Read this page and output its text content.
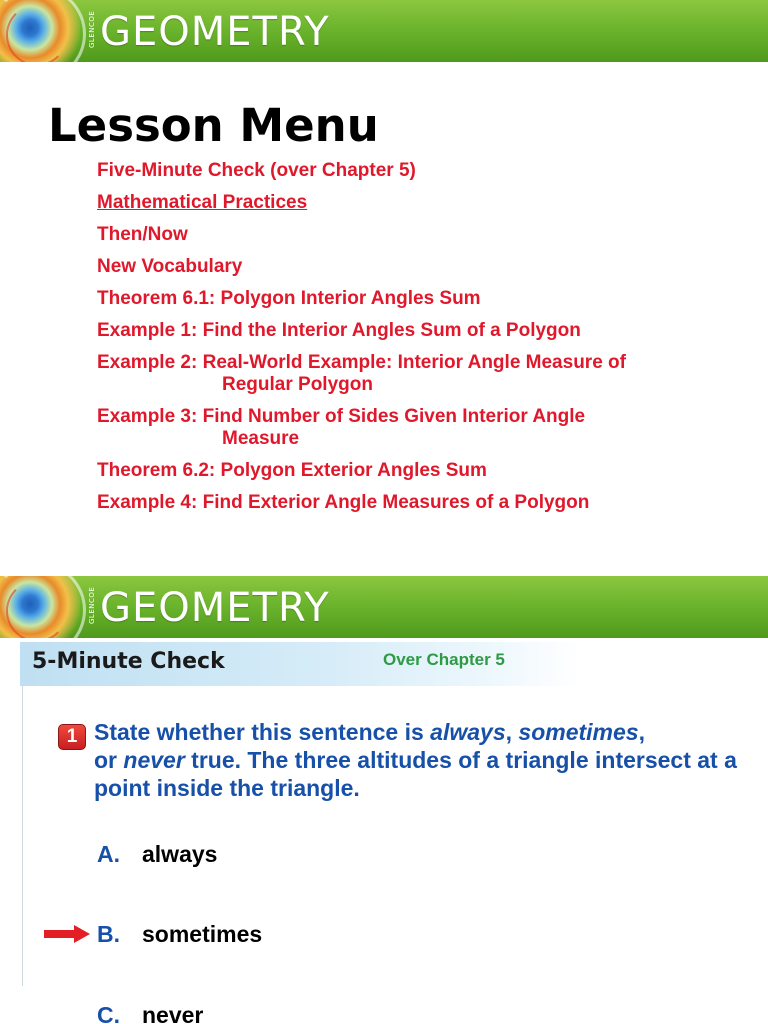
GLENCOE GEOMETRY
Lesson Menu
Five-Minute Check (over Chapter 5)
Mathematical Practices
Then/Now
New Vocabulary
Theorem 6.1: Polygon Interior Angles Sum
Example 1: Find the Interior Angles Sum of a Polygon
Example 2: Real-World Example: Interior Angle Measure of
Regular Polygon
Example 3: Find Number of Sides Given Interior Angle
Measure
Theorem 6.2: Polygon Exterior Angles Sum
Example 4: Find Exterior Angle Measures of a Polygon
GLENCOE GEOMETRY
5-Minute Check	Over Chapter 5
1 State whether this sentence is always, sometimes,
or never true. The three altitudes of a triangle intersect at a point inside the triangle.
A. always
B. sometimes
C. never
